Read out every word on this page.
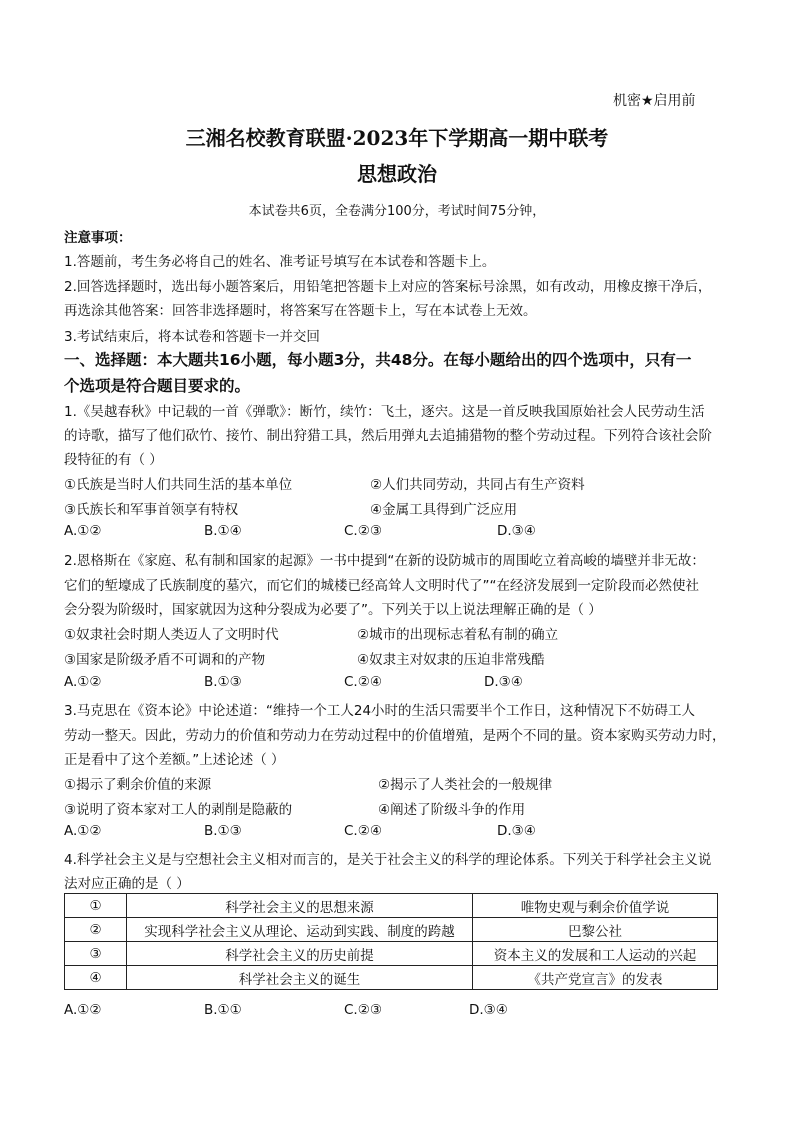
机密★启用前
三湘名校教育联盟·2023年下学期高一期中联考
思想政治
本试卷共6页，全卷满分100分，考试时间75分钟，
注意事项：
1.答题前，考生务必将自己的姓名、准考证号填写在本试卷和答题卡上。
2.回答选择题时，选出每小题答案后，用铅笔把答题卡上对应的答案标号涂黑，如有改动，用橡皮擦干净后，
再选涂其他答案：回答非选择题时，将答案写在答题卡上，写在本试卷上无效。
3.考试结束后，将本试卷和答题卡一并交回
一、选择题：本大题共16小题，每小题3分，共48分。在每小题给出的四个选项中，只有一
个选项是符合题目要求的。
1.《吴越春秋》中记载的一首《弹歌》：断竹，续竹：飞土，逐宍。这是一首反映我国原始社会人民劳动生活
的诗歌，描写了他们砍竹、接竹、制出狩猎工具，然后用弹丸去追捕猎物的整个劳动过程。下列符合该社会阶
段特征的有（ ）
①氏族是当时人们共同生活的基本单位	②人们共同劳动，共同占有生产资料
③氏族长和军事首领享有特权	④金属工具得到广泛应用
A.①②	B.①④	C.②③	D.③④
2.恩格斯在《家庭、私有制和国家的起源》一书中提到“在新的设防城市的周围屹立着高峻的墙壁并非无故：
它们的堑壕成了氏族制度的墓穴，而它们的城楼已经高耸人文明时代了”“在经济发展到一定阶段而必然使社
会分裂为阶级时，国家就因为这种分裂成为必要了”。下列关于以上说法理解正确的是（ ）
①奴隶社会时期人类迈人了文明时代	②城市的出现标志着私有制的确立
③国家是阶级矛盾不可调和的产物	④奴隶主对奴隶的压迫非常残酷
A.①②	B.①③	C.②④	D.③④
3.马克思在《资本论》中论述道：“维持一个工人24小时的生活只需要半个工作日，这种情况下不妨碍工人
劳动一整天。因此，劳动力的价值和劳动力在劳动过程中的价值增殖，是两个不同的量。资本家购买劳动力时，
正是看中了这个差额。”上述论述（ ）
①揭示了剩余价值的来源	②揭示了人类社会的一般规律
③说明了资本家对工人的剥削是隐蔽的	④阐述了阶级斗争的作用
A.①②	B.①③	C.②④	D.③④
4.科学社会主义是与空想社会主义相对而言的，是关于社会主义的科学的理论体系。下列关于科学社会主义说
法对应正确的是（ ）
①	科学社会主义的思想来源	唯物史观与剩余价值学说
②	实现科学社会主义从理论、运动到实践、制度的跨越	巴黎公社
③	科学社会主义的历史前提	资本主义的发展和工人运动的兴起
④	科学社会主义的诞生	《共产党宣言》的发表
A.①②	B.①①	C.②③	D.③④
